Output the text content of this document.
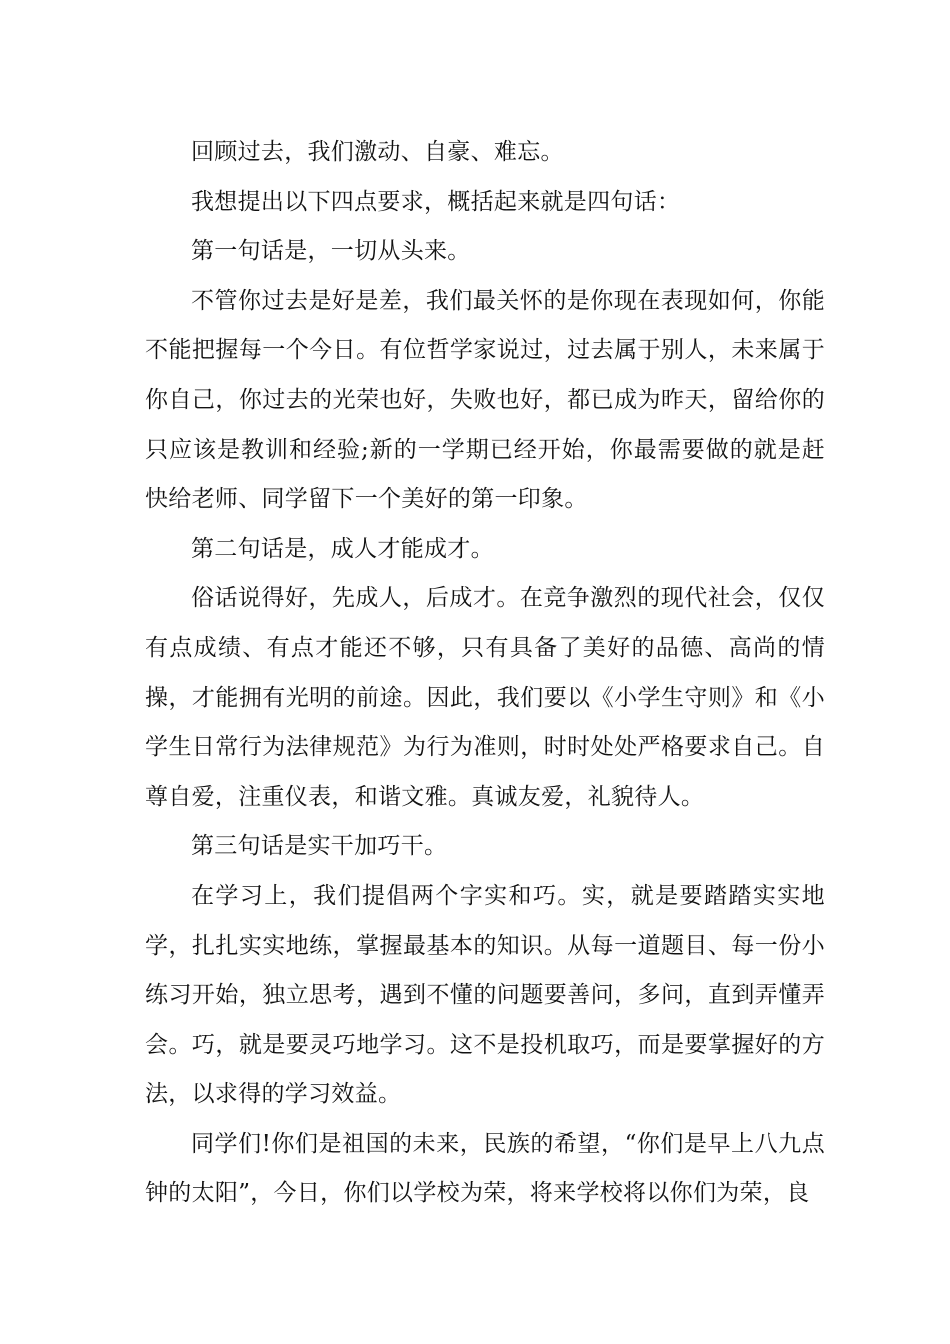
回顾过去，我们激动、自豪、难忘。

我想提出以下四点要求，概括起来就是四句话：

第一句话是，一切从头来。

不管你过去是好是差，我们最关怀的是你现在表现如何，你能不能把握每一个今日。有位哲学家说过，过去属于别人，未来属于你自己，你过去的光荣也好，失败也好，都已成为昨天，留给你的只应该是教训和经验;新的一学期已经开始，你最需要做的就是赶快给老师、同学留下一个美好的第一印象。

第二句话是，成人才能成才。

俗话说得好，先成人，后成才。在竞争激烈的现代社会，仅仅有点成绩、有点才能还不够，只有具备了美好的品德、高尚的情操，才能拥有光明的前途。因此，我们要以《小学生守则》和《小学生日常行为法律规范》为行为准则，时时处处严格要求自己。自尊自爱，注重仪表，和谐文雅。真诚友爱，礼貌待人。

第三句话是实干加巧干。

在学习上，我们提倡两个字实和巧。实，就是要踏踏实实地学，扎扎实实地练，掌握最基本的知识。从每一道题目、每一份小练习开始，独立思考，遇到不懂的问题要善问，多问，直到弄懂弄会。巧，就是要灵巧地学习。这不是投机取巧，而是要掌握好的方法，以求得的学习效益。

同学们!你们是祖国的未来，民族的希望，“你们是早上八九点钟的太阳”，今日，你们以学校为荣，将来学校将以你们为荣，良
